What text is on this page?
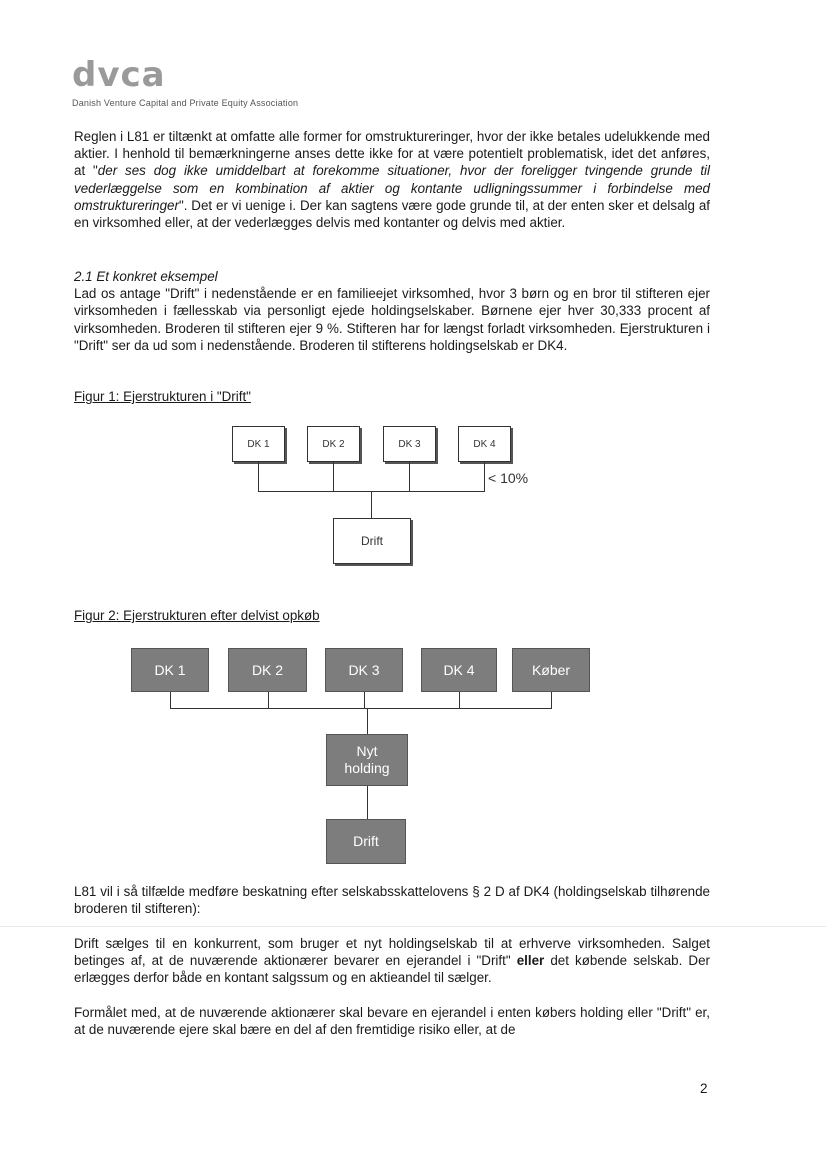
dvca
Danish Venture Capital and Private Equity Association

Reglen i L81 er tiltænkt at omfatte alle former for omstruktureringer, hvor der ikke betales udelukkende med aktier. I henhold til bemærkningerne anses dette ikke for at være potentielt problematisk, idet det anføres, at "der ses dog ikke umiddelbart at forekomme situationer, hvor der foreligger tvingende grunde til vederlæggelse som en kombination af aktier og kontante udligningssummer i forbindelse med omstruktureringer". Det er vi uenige i. Der kan sagtens være gode grunde til, at der enten sker et delsalg af en virksomhed eller, at der vederlægges delvis med kontanter og delvis med aktier.

2.1 Et konkret eksempel

Lad os antage "Drift" i nedenstående er en familieejet virksomhed, hvor 3 børn og en bror til stifteren ejer virksomheden i fællesskab via personligt ejede holdingselskaber. Børnene ejer hver 30,333 procent af virksomheden. Broderen til stifteren ejer 9 %. Stifteren har for længst forladt virksomheden. Ejerstrukturen i "Drift" ser da ud som i nedenstående. Broderen til stifterens holdingselskab er DK4.

Figur 1: Ejerstrukturen i "Drift"
DK 1	DK 2	DK 3	DK 4
< 10%
Drift
Figur 2: Ejerstrukturen efter delvist opkøb
DK 1	DK 2	DK 3	DK 4	Køber
Nyt
holding
Drift

L81 vil i så tilfælde medføre beskatning efter selskabsskattelovens § 2 D af DK4 (holdingselskab tilhørende broderen til stifteren):

Drift sælges til en konkurrent, som bruger et nyt holdingselskab til at erhverve virksomheden. Salget betinges af, at de nuværende aktionærer bevarer en ejerandel i "Drift" eller det købende selskab. Der erlægges derfor både en kontant salgssum og en aktieandel til sælger.

Formålet med, at de nuværende aktionærer skal bevare en ejerandel i enten købers holding eller "Drift" er, at de nuværende ejere skal bære en del af den fremtidige risiko eller, at de

2
